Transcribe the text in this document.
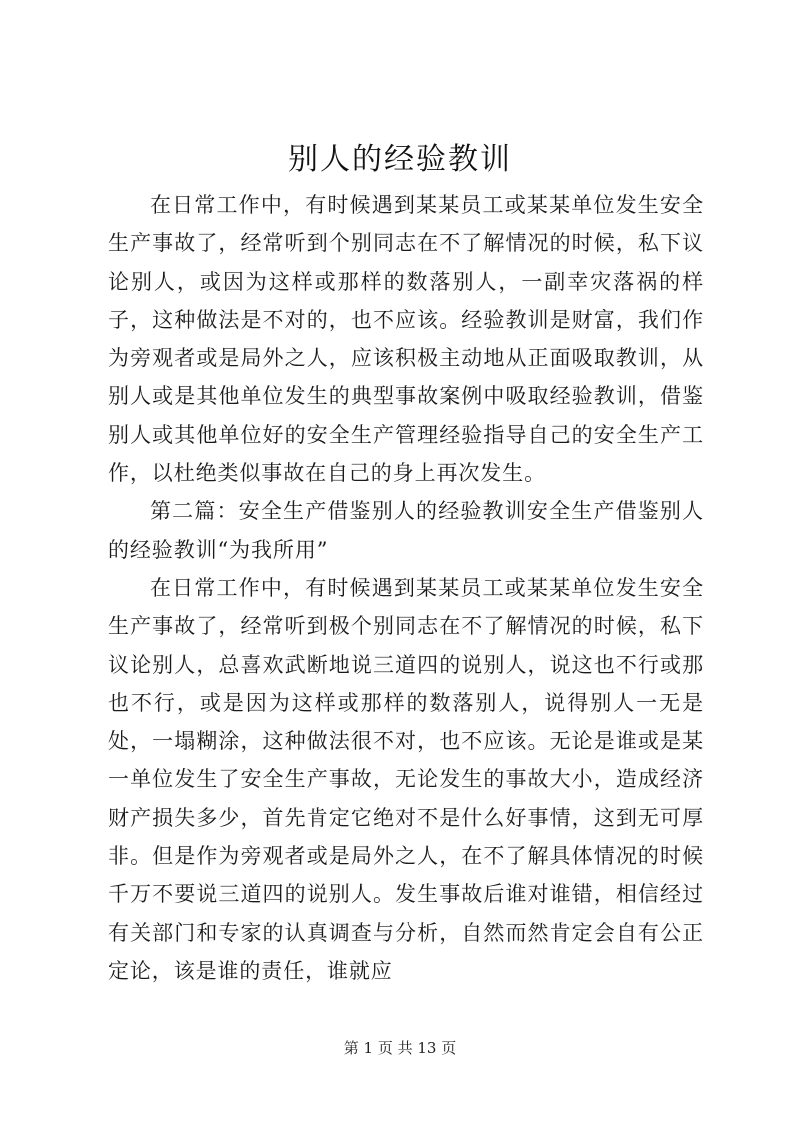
别人的经验教训

在日常工作中，有时候遇到某某员工或某某单位发生安全生产事故了，经常听到个别同志在不了解情况的时候，私下议论别人，或因为这样或那样的数落别人，一副幸灾落祸的样子，这种做法是不对的，也不应该。经验教训是财富，我们作为旁观者或是局外之人，应该积极主动地从正面吸取教训，从别人或是其他单位发生的典型事故案例中吸取经验教训，借鉴别人或其他单位好的安全生产管理经验指导自己的安全生产工作，以杜绝类似事故在自己的身上再次发生。

第二篇：安全生产借鉴别人的经验教训安全生产借鉴别人的经验教训“为我所用”

在日常工作中，有时候遇到某某员工或某某单位发生安全生产事故了，经常听到极个别同志在不了解情况的时候，私下议论别人，总喜欢武断地说三道四的说别人，说这也不行或那也不行，或是因为这样或那样的数落别人，说得别人一无是处，一塌糊涂，这种做法很不对，也不应该。无论是谁或是某一单位发生了安全生产事故，无论发生的事故大小，造成经济财产损失多少，首先肯定它绝对不是什么好事情，这到无可厚非。但是作为旁观者或是局外之人，在不了解具体情况的时候千万不要说三道四的说别人。发生事故后谁对谁错，相信经过有关部门和专家的认真调查与分析，自然而然肯定会自有公正定论，该是谁的责任，谁就应

第 1 页 共 13 页
